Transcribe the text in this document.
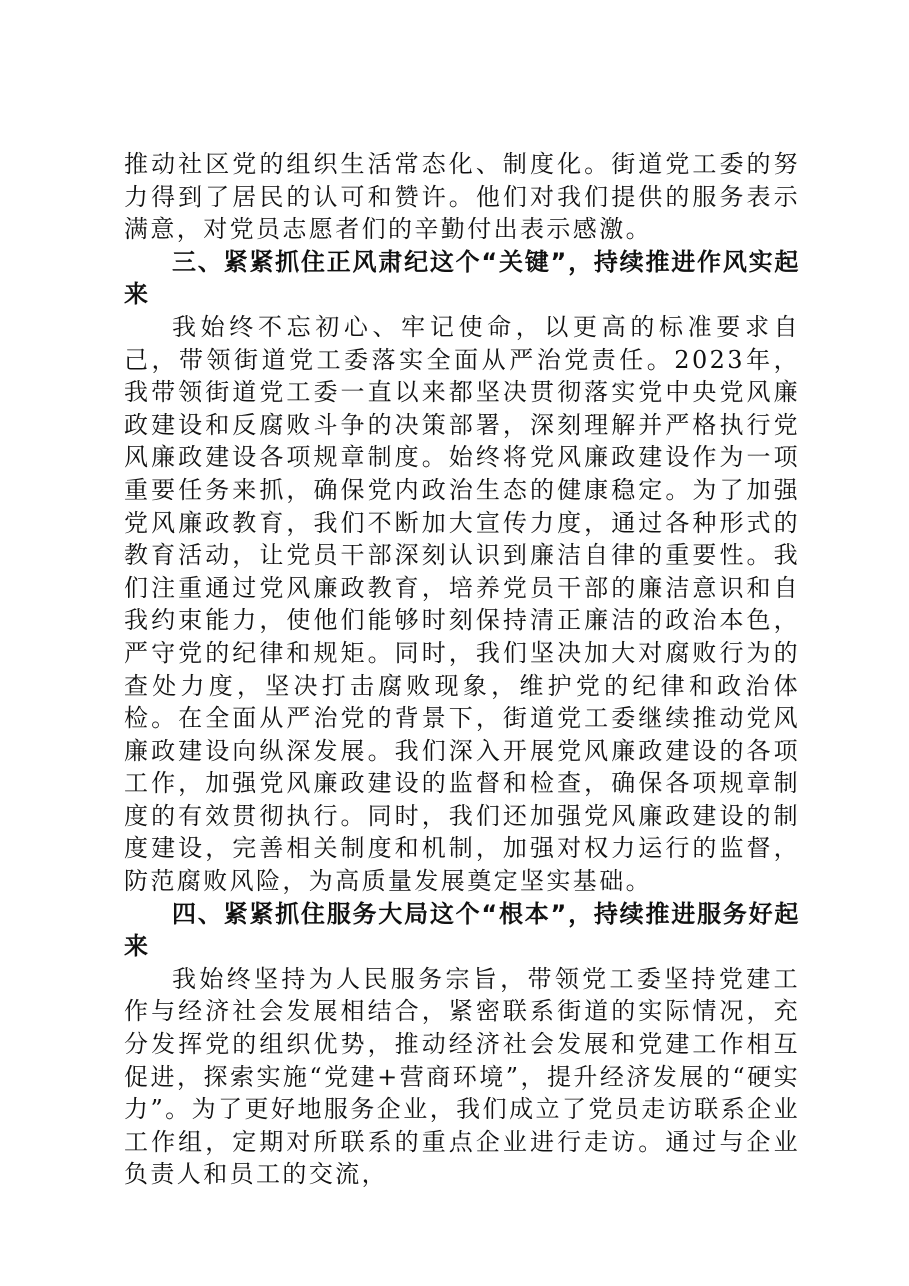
推动社区党的组织生活常态化、制度化。街道党工委的努力得到了居民的认可和赞许。他们对我们提供的服务表示满意，对党员志愿者们的辛勤付出表示感激。

三、紧紧抓住正风肃纪这个“关键”，持续推进作风实起来

我始终不忘初心、牢记使命，以更高的标准要求自己，带领街道党工委落实全面从严治党责任。2023年，我带领街道党工委一直以来都坚决贯彻落实党中央党风廉政建设和反腐败斗争的决策部署，深刻理解并严格执行党风廉政建设各项规章制度。始终将党风廉政建设作为一项重要任务来抓，确保党内政治生态的健康稳定。为了加强党风廉政教育，我们不断加大宣传力度，通过各种形式的教育活动，让党员干部深刻认识到廉洁自律的重要性。我们注重通过党风廉政教育，培养党员干部的廉洁意识和自我约束能力，使他们能够时刻保持清正廉洁的政治本色，严守党的纪律和规矩。同时，我们坚决加大对腐败行为的查处力度，坚决打击腐败现象，维护党的纪律和政治体检。在全面从严治党的背景下，街道党工委继续推动党风廉政建设向纵深发展。我们深入开展党风廉政建设的各项工作，加强党风廉政建设的监督和检查，确保各项规章制度的有效贯彻执行。同时，我们还加强党风廉政建设的制度建设，完善相关制度和机制，加强对权力运行的监督，防范腐败风险，为高质量发展奠定坚实基础。

四、紧紧抓住服务大局这个“根本”，持续推进服务好起来

我始终坚持为人民服务宗旨，带领党工委坚持党建工作与经济社会发展相结合，紧密联系街道的实际情况，充分发挥党的组织优势，推动经济社会发展和党建工作相互促进，探索实施“党建+营商环境”，提升经济发展的“硬实力”。为了更好地服务企业，我们成立了党员走访联系企业工作组，定期对所联系的重点企业进行走访。通过与企业负责人和员工的交流，
